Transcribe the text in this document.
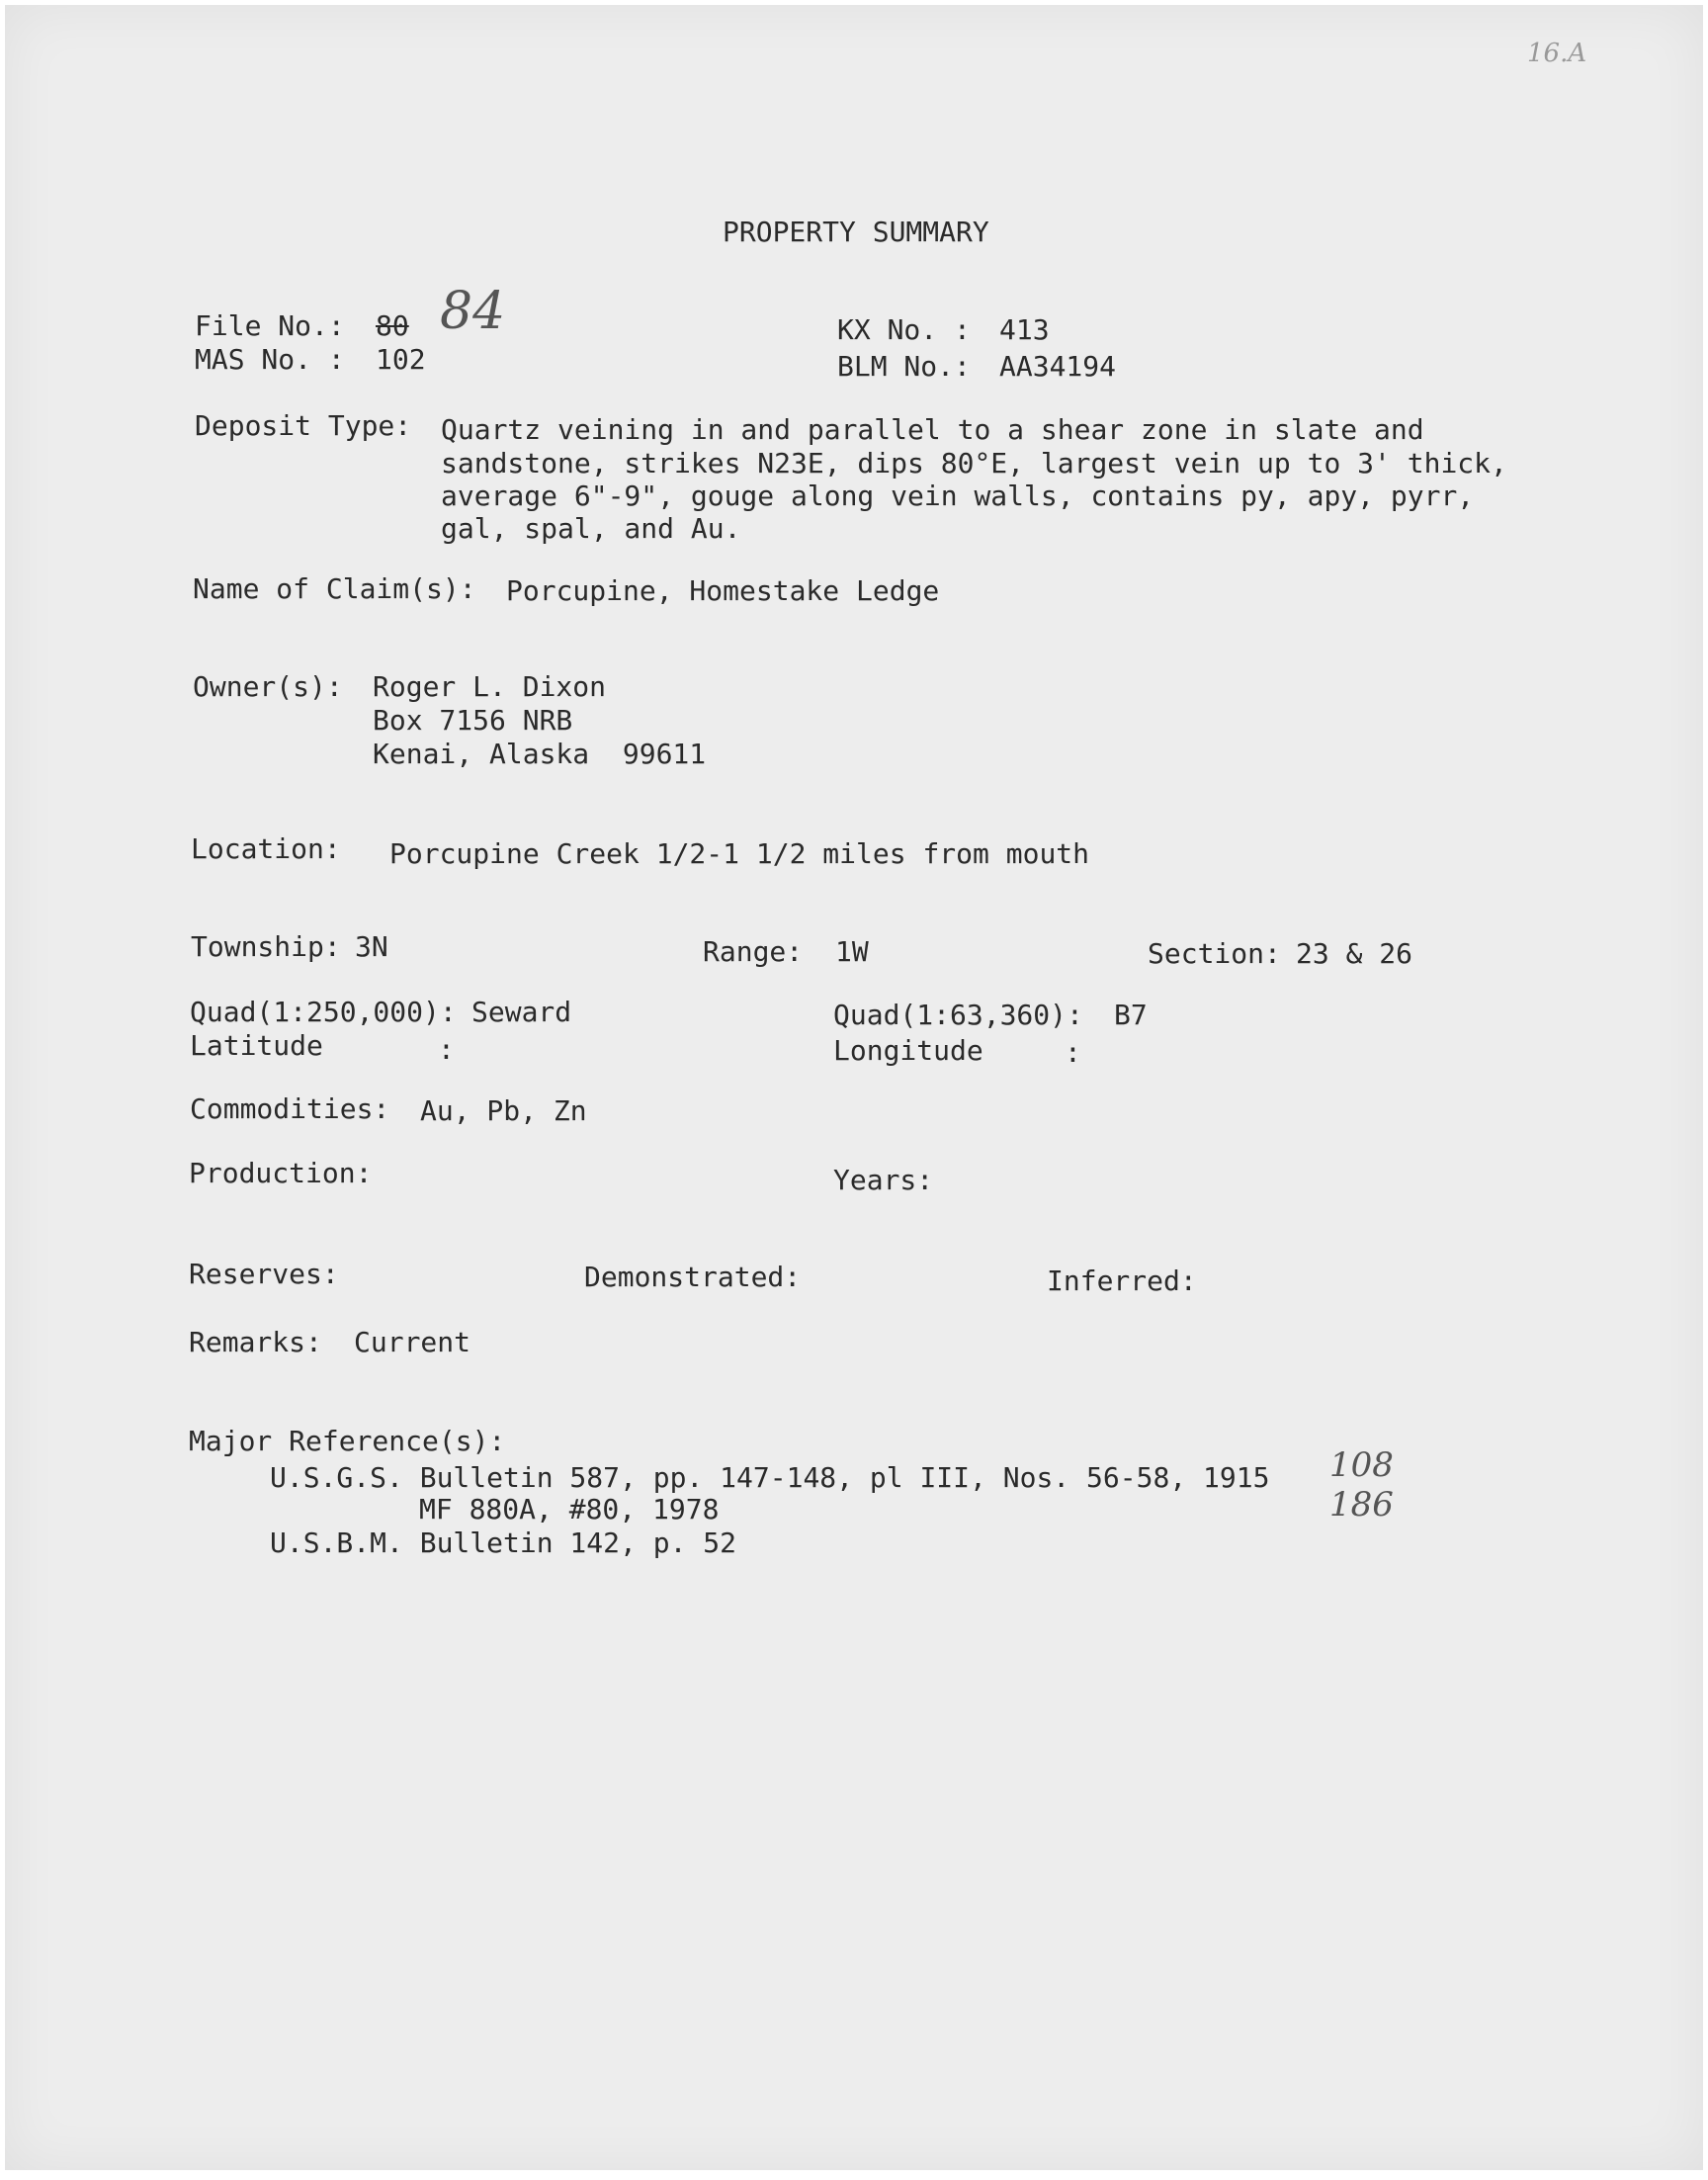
16.A
PROPERTY SUMMARY
File No.: 80 84
MAS No. : 102
KX No. : 413
BLM No.: AA34194
Deposit Type: Quartz veining in and parallel to a shear zone in slate and
sandstone, strikes N23E, dips 80°E, largest vein up to 3' thick,
average 6"-9", gouge along vein walls, contains py, apy, pyrr,
gal, spal, and Au.
Name of Claim(s): Porcupine, Homestake Ledge
Owner(s): Roger L. Dixon
Box 7156 NRB
Kenai, Alaska  99611
Location: Porcupine Creek 1/2-1 1/2 miles from mouth
Township: 3N	Range: 1W	Section: 23 & 26
Quad(1:250,000): Seward	Quad(1:63,360): B7
Latitude	:	Longitude	:
Commodities: Au, Pb, Zn
Production:	Years:
Reserves:	Demonstrated:	Inferred:
Remarks: Current
Major Reference(s):
U.S.G.S. Bulletin 587, pp. 147-148, pl III, Nos. 56-58, 1915
MF 880A, #80, 1978
U.S.B.M. Bulletin 142, p. 52
108
186
